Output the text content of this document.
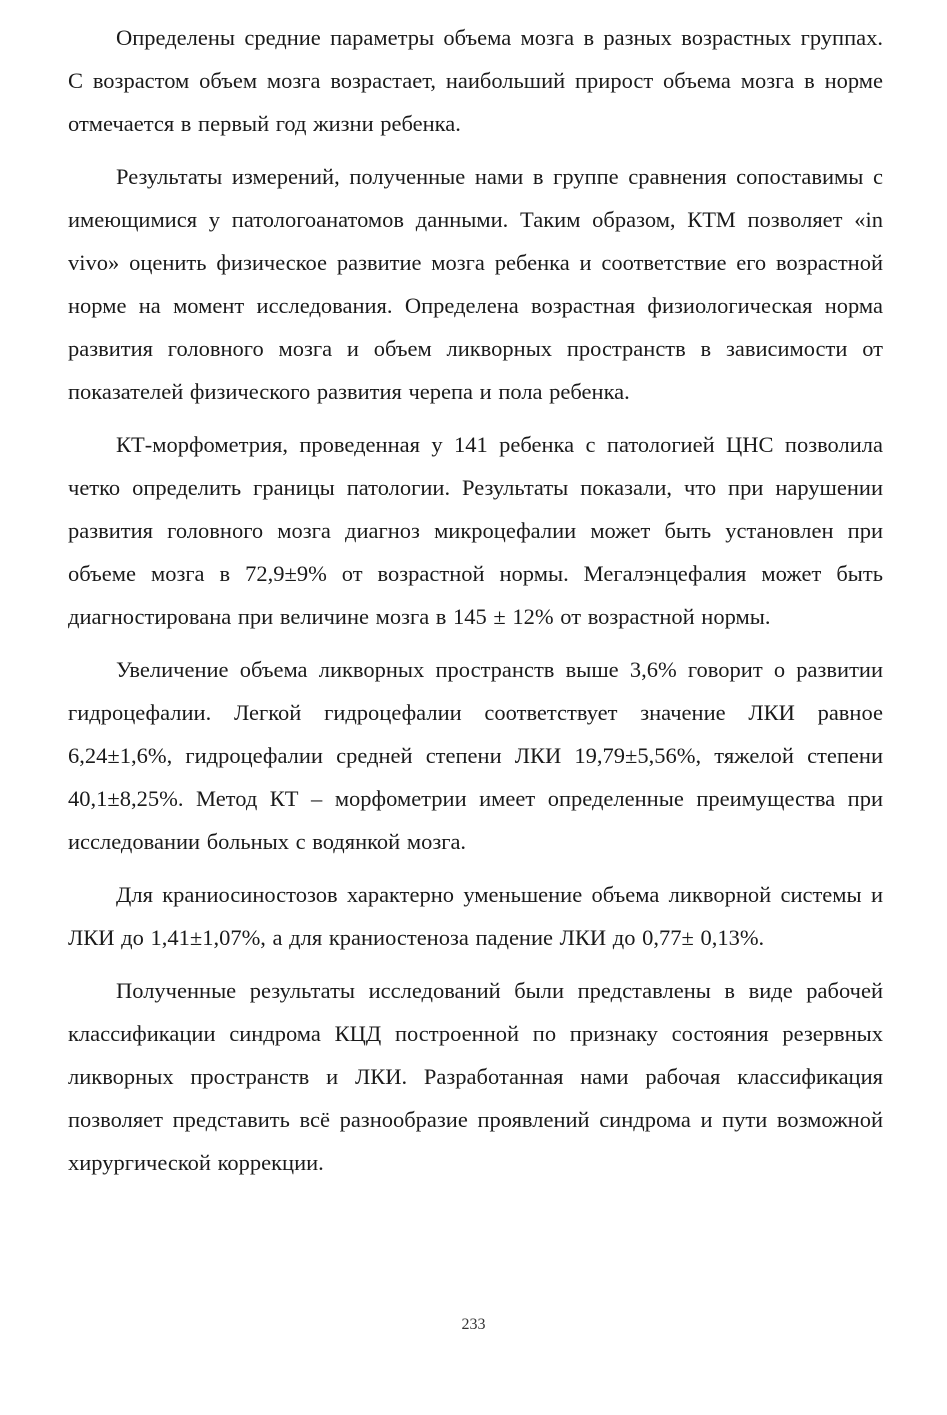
Определены средние параметры объема мозга в разных возрастных группах. С возрастом объем мозга возрастает, наибольший прирост объема мозга в норме отмечается в первый год жизни ребенка.

Результаты измерений, полученные нами в группе сравнения сопоставимы с имеющимися у патологоанатомов данными. Таким образом, КТМ позволяет «in vivo» оценить физическое развитие мозга ребенка и соответствие его возрастной норме на момент исследования. Определена возрастная физиологическая норма развития головного мозга и объем ликворных пространств в зависимости от показателей физического развития черепа и пола ребенка.

КТ-морфометрия, проведенная у 141 ребенка с патологией ЦНС позволила четко определить границы патологии. Результаты показали, что при нарушении развития головного мозга диагноз микроцефалии может быть установлен при объеме мозга в 72,9±9% от возрастной нормы. Мегалэнцефалия может быть диагностирована при величине мозга в 145 ± 12% от возрастной нормы.

Увеличение объема ликворных пространств выше 3,6% говорит о развитии гидроцефалии. Легкой гидроцефалии соответствует значение ЛКИ равное 6,24±1,6%, гидроцефалии средней степени ЛКИ 19,79±5,56%, тяжелой степени 40,1±8,25%. Метод КТ – морфометрии имеет определенные преимущества при исследовании больных с водянкой мозга.

Для краниосиностозов характерно уменьшение объема ликворной системы и ЛКИ до 1,41±1,07%, а для краниостеноза падение ЛКИ до 0,77± 0,13%.

Полученные результаты исследований были представлены в виде рабочей классификации синдрома КЦД построенной по признаку состояния резервных ликворных пространств и ЛКИ. Разработанная нами рабочая классификация позволяет представить всё разнообразие проявлений синдрома и пути возможной хирургической коррекции.

233
